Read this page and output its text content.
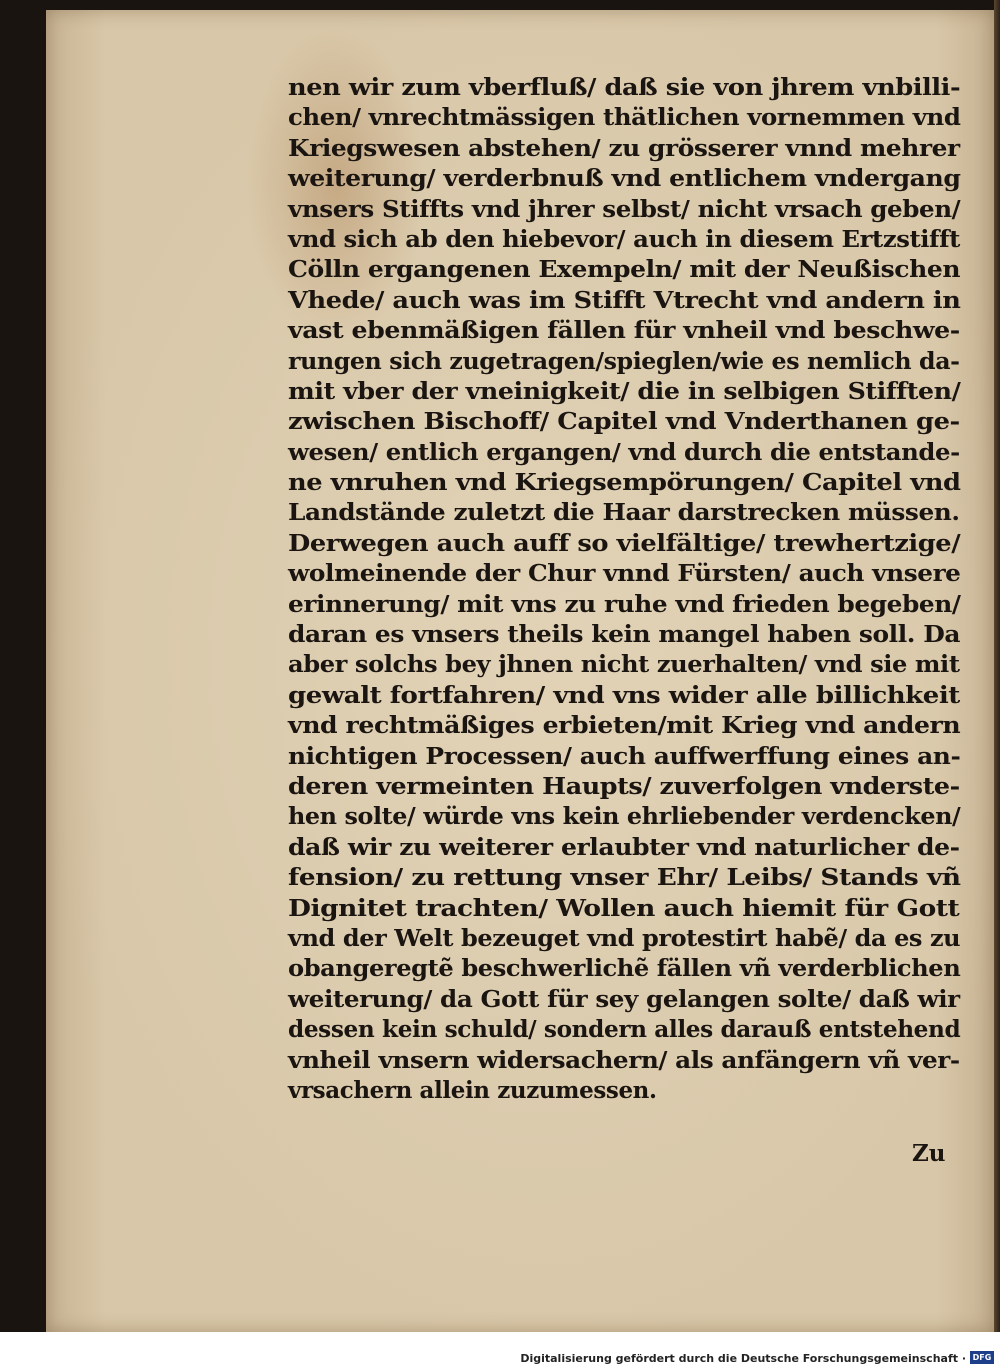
nen wir zum vberfluß/ daß sie von jhrem vnbilli-
chen/ vnrechtmässigen thätlichen vornemmen vnd
Kriegswesen abstehen/ zu grösserer vnnd mehrer
weiterung/ verderbnuß vnd entlichem vndergang
vnsers Stiffts vnd jhrer selbst/ nicht vrsach geben/
vnd sich ab den hiebevor/ auch in diesem Ertzstifft
Cölln ergangenen Exempeln/ mit der Neußischen
Vhede/ auch was im Stifft Vtrecht vnd andern in
vast ebenmäßigen fällen für vnheil vnd beschwe-
rungen sich zugetragen/spieglen/wie es nemlich da-
mit vber der vneinigkeit/ die in selbigen Stifften/
zwischen Bischoff/ Capitel vnd Vnderthanen ge-
wesen/ entlich ergangen/ vnd durch die entstande-
ne vnruhen vnd Kriegsempörungen/ Capitel vnd
Landstände zuletzt die Haar darstrecken müssen.
Derwegen auch auff so vielfältige/ trewhertzige/
wolmeinende der Chur vnnd Fürsten/ auch vnsere
erinnerung/ mit vns zu ruhe vnd frieden begeben/
daran es vnsers theils kein mangel haben soll. Da
aber solchs bey jhnen nicht zuerhalten/ vnd sie mit
gewalt fortfahren/ vnd vns wider alle billichkeit
vnd rechtmäßiges erbieten/mit Krieg vnd andern
nichtigen Processen/ auch auffwerffung eines an-
deren vermeinten Haupts/ zuverfolgen vnderste-
hen solte/ würde vns kein ehrliebender verdencken/
daß wir zu weiterer erlaubter vnd naturlicher de-
fension/ zu rettung vnser Ehr/ Leibs/ Stands vñ
Dignitet trachten/ Wollen auch hiemit für Gott
vnd der Welt bezeuget vnd protestirt habẽ/ da es zu
obangeregtẽ beschwerlichẽ fällen vñ verderblichen
weiterung/ da Gott für sey gelangen solte/ daß wir
dessen kein schuld/ sondern alles darauß entstehend
vnheil vnsern widersachern/ als anfängern vñ ver-
vrsachern allein zuzumessen.
Zu
Digitalisierung gefördert durch die Deutsche Forschungsgemeinschaft · DFG
